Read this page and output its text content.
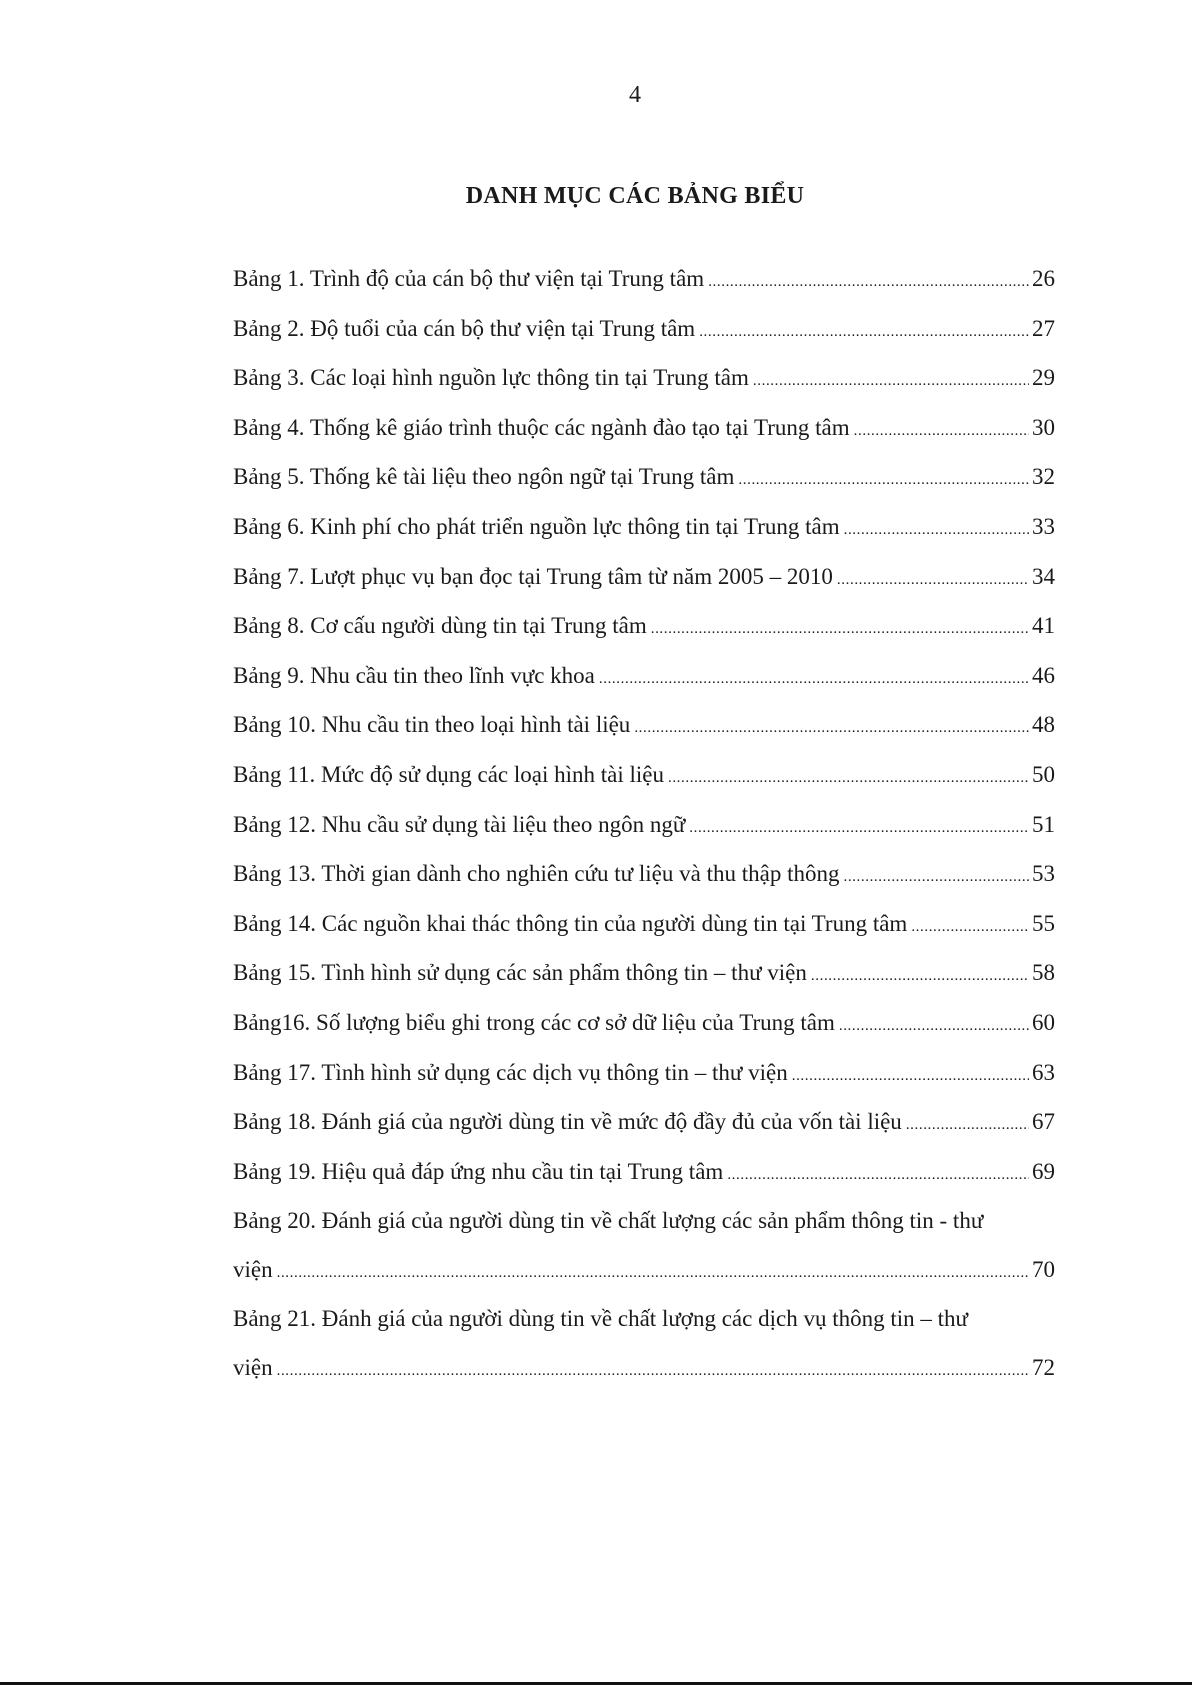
4
DANH MỤC CÁC BẢNG BIỂU
Bảng 1. Trình độ của cán bộ thư viện tại Trung tâm .....	26
Bảng 2. Độ tuổi của cán bộ thư viện tại Trung tâm .....	27
Bảng 3. Các loại hình nguồn lực thông tin tại Trung tâm .....	29
Bảng 4. Thống kê giáo trình thuộc các ngành đào tạo tại Trung tâm .....	30
Bảng 5. Thống kê tài liệu theo ngôn ngữ tại Trung tâm .....	32
Bảng 6. Kinh phí cho phát triển nguồn lực thông tin tại Trung tâm .....	33
Bảng 7. Lượt phục vụ bạn đọc tại Trung tâm từ năm 2005 – 2010 .....	34
Bảng 8. Cơ cấu người dùng tin tại Trung tâm .....	41
Bảng 9. Nhu cầu tin theo lĩnh vực khoa .....	46
Bảng 10. Nhu cầu tin theo loại hình tài liệu .....	48
Bảng 11. Mức độ sử dụng các loại hình tài liệu .....	50
Bảng 12. Nhu cầu sử dụng tài liệu theo ngôn ngữ .....	51
Bảng 13. Thời gian dành cho nghiên cứu tư liệu và thu thập thông .....	53
Bảng 14. Các nguồn khai thác thông tin của người dùng tin tại Trung tâm .....	55
Bảng 15. Tình hình sử dụng các sản phẩm thông tin – thư viện .....	58
Bảng16. Số lượng biểu ghi trong các cơ sở dữ liệu của Trung tâm .....	60
Bảng 17. Tình hình sử dụng các dịch vụ thông tin – thư viện .....	63
Bảng 18. Đánh giá của người dùng tin về mức độ đầy đủ của vốn tài liệu .....	67
Bảng 19. Hiệu quả đáp ứng nhu cầu tin tại Trung tâm .....	69
Bảng 20. Đánh giá của người dùng tin về chất lượng các sản phẩm thông tin - thư
viện .....	70
Bảng 21. Đánh giá của người dùng tin về chất lượng các dịch vụ thông tin – thư
viện .....	72
